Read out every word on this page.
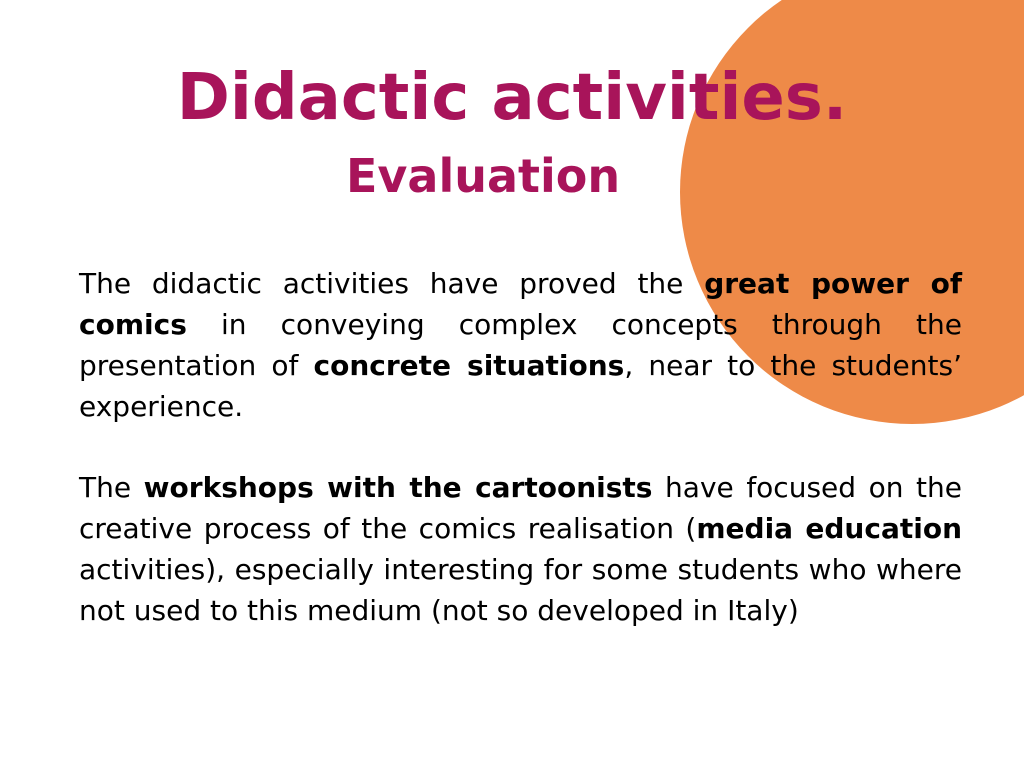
Didactic activities.
Evaluation

The didactic activities have proved the great power of comics in conveying complex concepts through the presentation of concrete situations, near to the students’ experience.

The workshops with the cartoonists have focused on the creative process of the comics realisation (media education activities), especially interesting for some students who where not used to this medium (not so developed in Italy)
